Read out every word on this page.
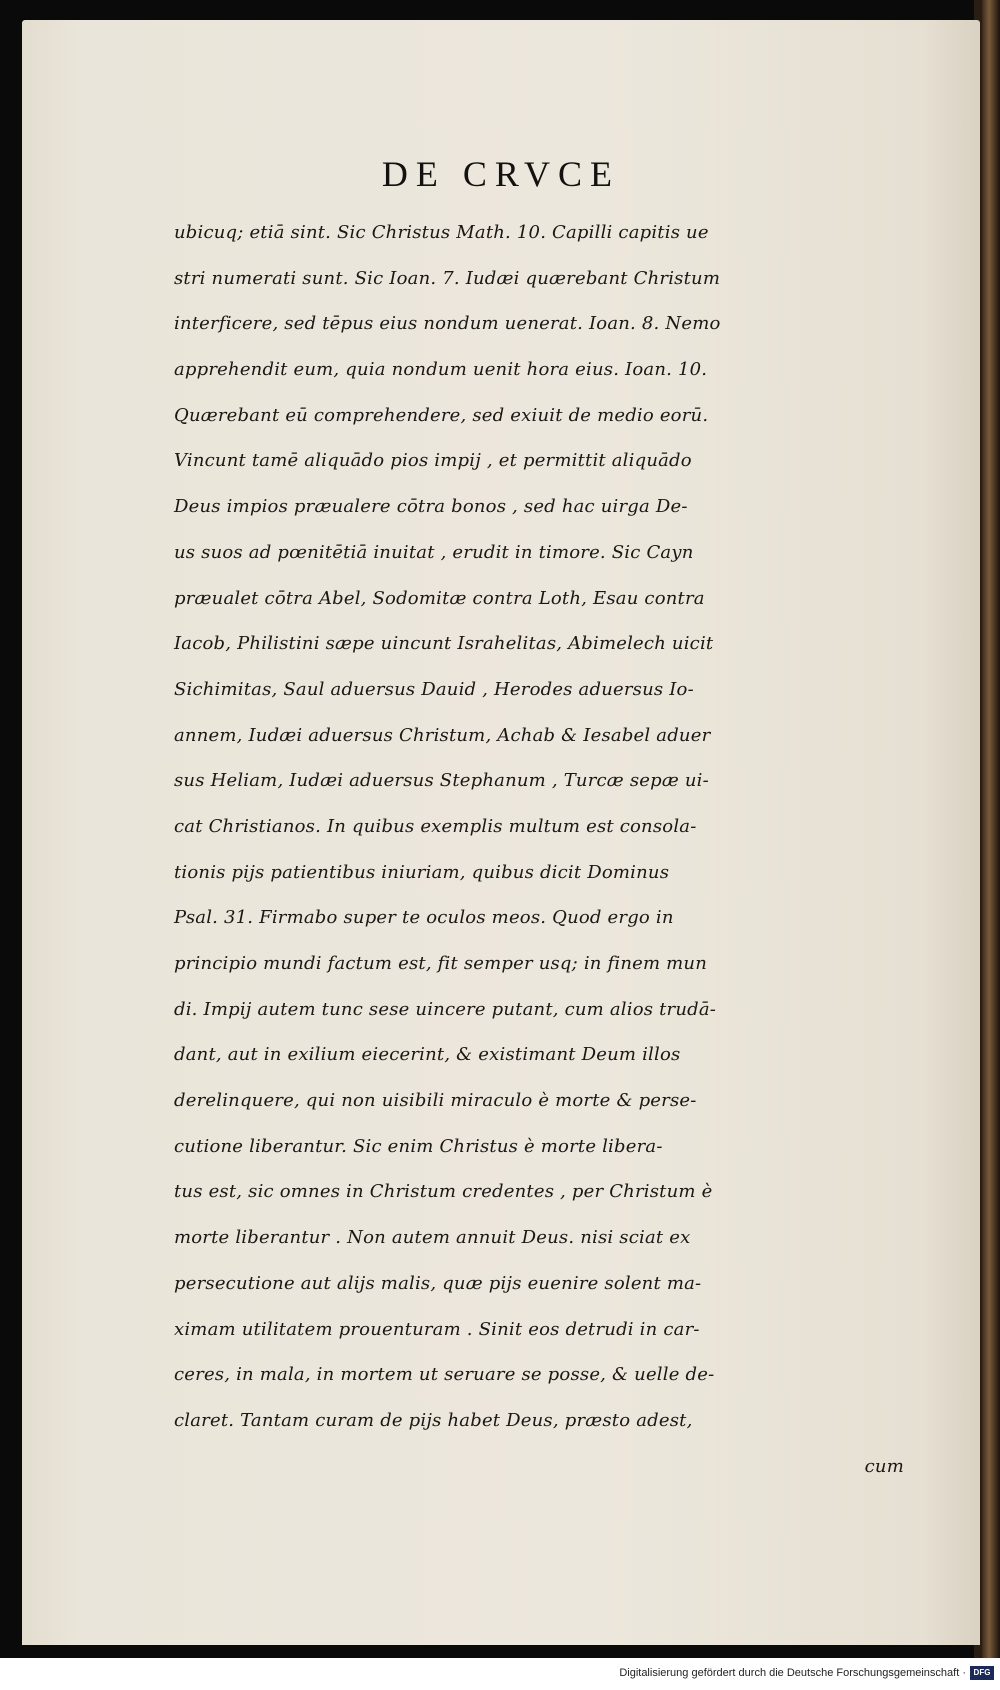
DE CRVCE
ubicuq; etiā sint. Sic Christus Math. 10. Capilli capitis ue
stri numerati sunt. Sic Ioan. 7. Iudæi quærebant Christum
interficere, sed tēpus eius nondum uenerat. Ioan. 8. Nemo
apprehendit eum, quia nondum uenit hora eius. Ioan. 10.
Quærebant eū comprehendere, sed exiuit de medio eorū.
Vincunt tamē aliquādo pios impij , et permittit aliquādo
Deus impios præualere cōtra bonos , sed hac uirga De-
us suos ad pœnitētiā inuitat , erudit in timore. Sic Cayn
præualet cōtra Abel, Sodomitæ contra Loth, Esau contra
Iacob, Philistini sæpe uincunt Israhelitas, Abimelech uicit
Sichimitas, Saul aduersus Dauid , Herodes aduersus Io-
annem, Iudæi aduersus Christum, Achab & Iesabel aduer
sus Heliam, Iudæi aduersus Stephanum , Turcæ sepæ ui-
cat Christianos. In quibus exemplis multum est consola-
tionis pijs patientibus iniuriam, quibus dicit Dominus
Psal. 31. Firmabo super te oculos meos. Quod ergo in
principio mundi factum est, fit semper usq; in finem mun
di. Impij autem tunc sese uincere putant, cum alios trudā-
dant, aut in exilium eiecerint, & existimant Deum illos
derelinquere, qui non uisibili miraculo è morte & perse-
cutione liberantur. Sic enim Christus è morte libera-
tus est, sic omnes in Christum credentes , per Christum è
morte liberantur . Non autem annuit Deus. nisi sciat ex
persecutione aut alijs malis, quæ pijs euenire solent ma-
ximam utilitatem prouenturam . Sinit eos detrudi in car-
ceres, in mala, in mortem ut seruare se posse, & uelle de-
claret. Tantam curam de pijs habet Deus, præsto adest,
cum
Digitalisierung gefördert durch die Deutsche Forschungsgemeinschaft · DFG
